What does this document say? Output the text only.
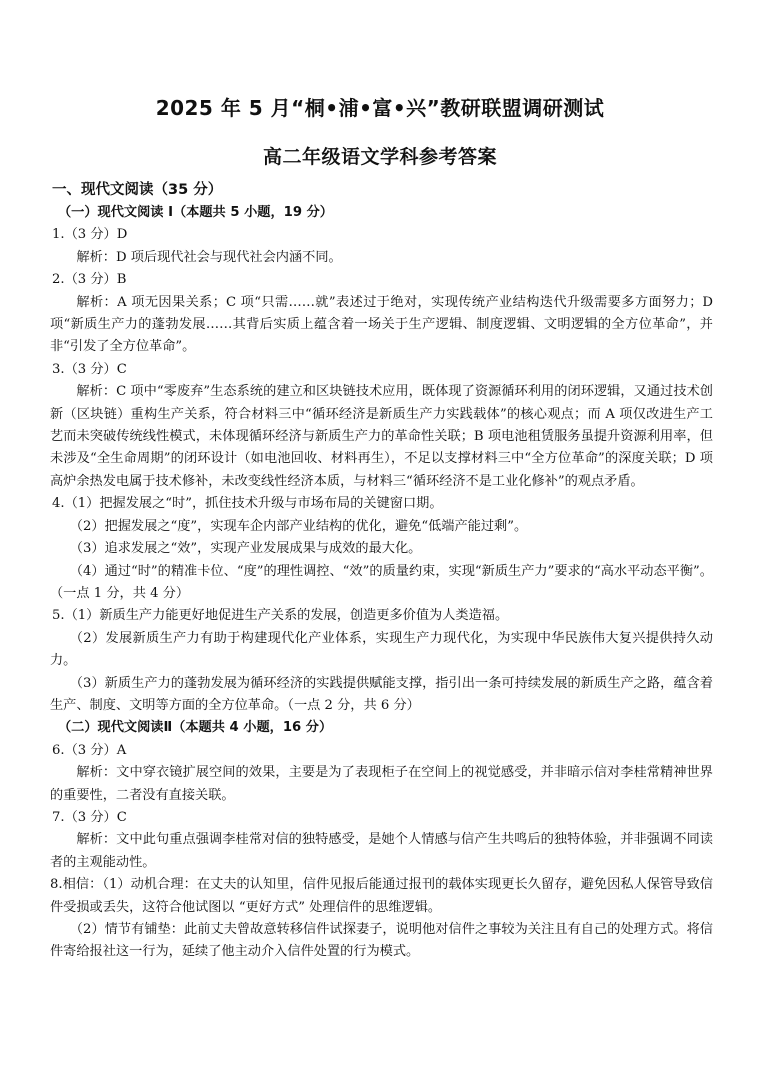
2025 年 5 月“桐•浦•富•兴”教研联盟调研测试
高二年级语文学科参考答案

一、现代文阅读（35 分）

（一）现代文阅读 I（本题共 5 小题，19 分）

1.（3 分）D

解析：D 项后现代社会与现代社会内涵不同。

2.（3 分）B

解析：A 项无因果关系；C 项“只需……就”表述过于绝对，实现传统产业结构迭代升级需要多方面努力；D 项“新质生产力的蓬勃发展……其背后实质上蕴含着一场关于生产逻辑、制度逻辑、文明逻辑的全方位革命”，并非“引发了全方位革命”。

3.（3 分）C

解析：C 项中“零废弃”生态系统的建立和区块链技术应用，既体现了资源循环利用的闭环逻辑，又通过技术创新（区块链）重构生产关系，符合材料三中“循环经济是新质生产力实践载体”的核心观点；而 A 项仅改进生产工艺而未突破传统线性模式，未体现循环经济与新质生产力的革命性关联；B 项电池租赁服务虽提升资源利用率，但未涉及“全生命周期”的闭环设计（如电池回收、材料再生），不足以支撑材料三中“全方位革命”的深度关联；D 项高炉余热发电属于技术修补，未改变线性经济本质，与材料三“循环经济不是工业化修补”的观点矛盾。

4.（1）把握发展之“时”，抓住技术升级与市场布局的关键窗口期。

（2）把握发展之“度”，实现车企内部产业结构的优化，避免“低端产能过剩”。

（3）追求发展之“效”，实现产业发展成果与成效的最大化。

（4）通过“时”的精准卡位、“度”的理性调控、“效”的质量约束，实现“新质生产力”要求的“高水平动态平衡”。（一点 1 分，共 4 分）

5.（1）新质生产力能更好地促进生产关系的发展，创造更多价值为人类造福。

（2）发展新质生产力有助于构建现代化产业体系，实现生产力现代化，为实现中华民族伟大复兴提供持久动力。

（3）新质生产力的蓬勃发展为循环经济的实践提供赋能支撑，指引出一条可持续发展的新质生产之路，蕴含着生产、制度、文明等方面的全方位革命。（一点 2 分，共 6 分）

（二）现代文阅读Ⅱ（本题共 4 小题，16 分）

6.（3 分）A

解析：文中穿衣镜扩展空间的效果，主要是为了表现柜子在空间上的视觉感受，并非暗示信对李桂常精神世界的重要性，二者没有直接关联。

7.（3 分）C

解析：文中此句重点强调李桂常对信的独特感受，是她个人情感与信产生共鸣后的独特体验，并非强调不同读者的主观能动性。

8.相信：（1）动机合理：在丈夫的认知里，信件见报后能通过报刊的载体实现更长久留存，避免因私人保管导致信件受损或丢失，这符合他试图以 “更好方式” 处理信件的思维逻辑。

（2）情节有铺垫：此前丈夫曾故意转移信件试探妻子，说明他对信件之事较为关注且有自己的处理方式。将信件寄给报社这一行为，延续了他主动介入信件处置的行为模式。
